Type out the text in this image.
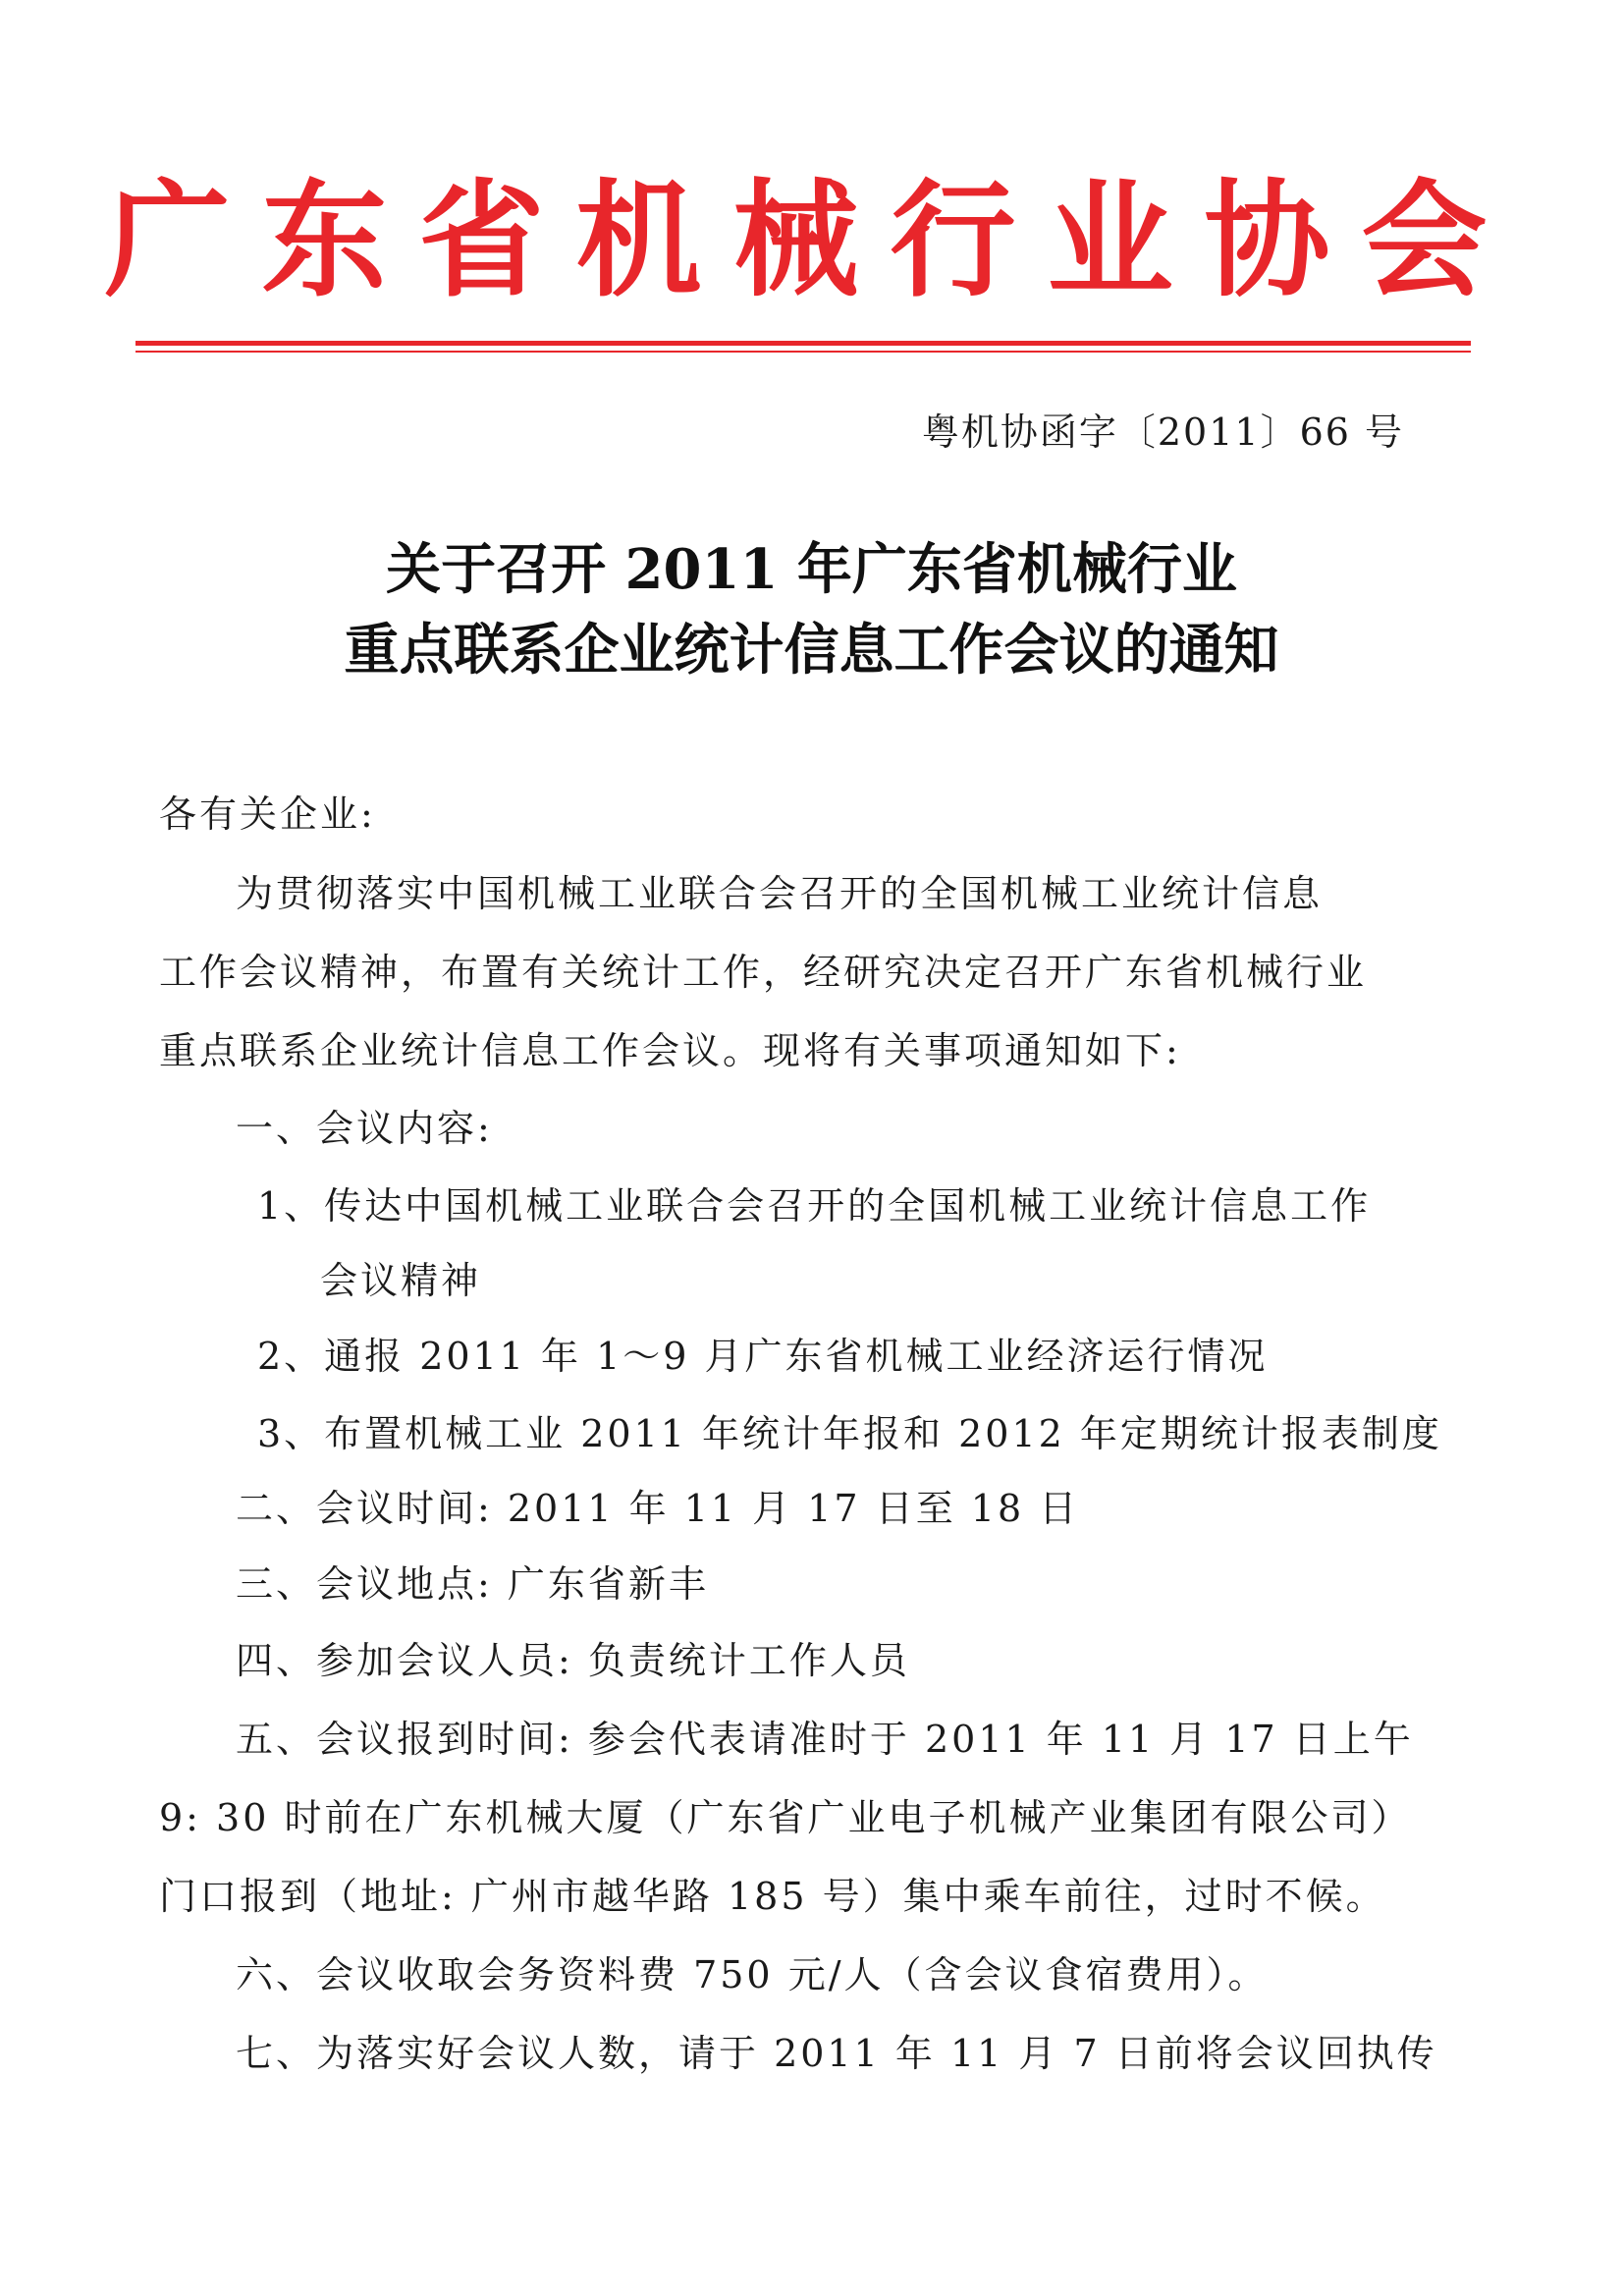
广东省机械行业协会
粤机协函字〔2011〕66 号
关于召开 2011 年广东省机械行业
重点联系企业统计信息工作会议的通知
各有关企业:
为贯彻落实中国机械工业联合会召开的全国机械工业统计信息
工作会议精神，布置有关统计工作，经研究决定召开广东省机械行业
重点联系企业统计信息工作会议。现将有关事项通知如下:
一、会议内容:
1、传达中国机械工业联合会召开的全国机械工业统计信息工作
会议精神
2、通报 2011 年 1～9 月广东省机械工业经济运行情况
3、布置机械工业 2011 年统计年报和 2012 年定期统计报表制度
二、会议时间: 2011 年 11 月 17 日至 18 日
三、会议地点: 广东省新丰
四、参加会议人员: 负责统计工作人员
五、会议报到时间: 参会代表请准时于 2011 年 11 月 17 日上午
9: 30 时前在广东机械大厦（广东省广业电子机械产业集团有限公司）
门口报到（地址: 广州市越华路 185 号）集中乘车前往，过时不候。
六、会议收取会务资料费 750 元/人（含会议食宿费用）。
七、为落实好会议人数，请于 2011 年 11 月 7 日前将会议回执传
